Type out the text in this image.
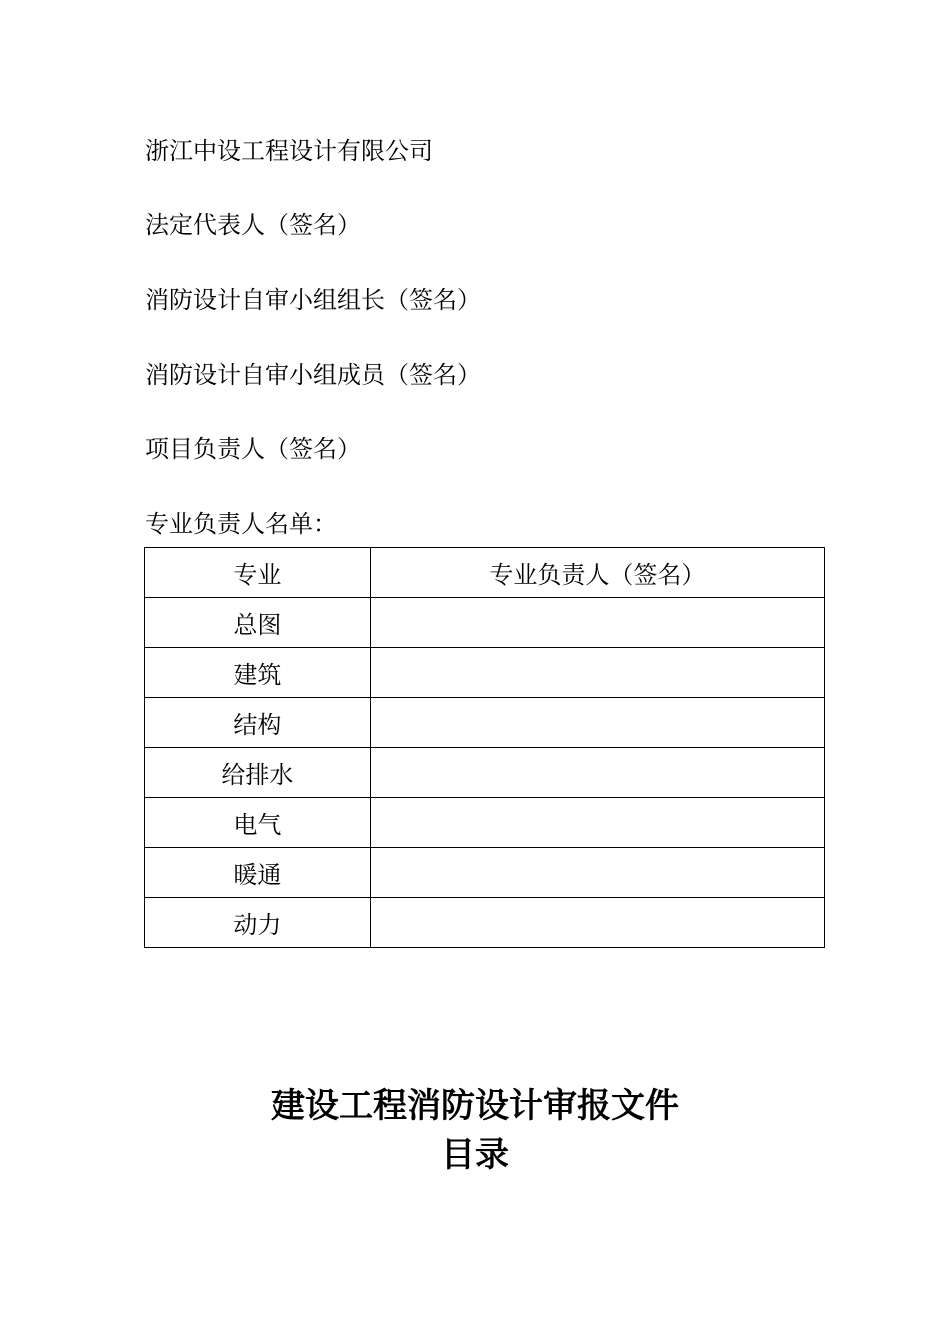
浙江中设工程设计有限公司
法定代表人（签名）
消防设计自审小组组长（签名）
消防设计自审小组成员（签名）
项目负责人（签名）
专业负责人名单：
专业	专业负责人（签名）
总图	
建筑	
结构	
给排水	
电气	
暖通	
动力	
建设工程消防设计审报文件
目录
